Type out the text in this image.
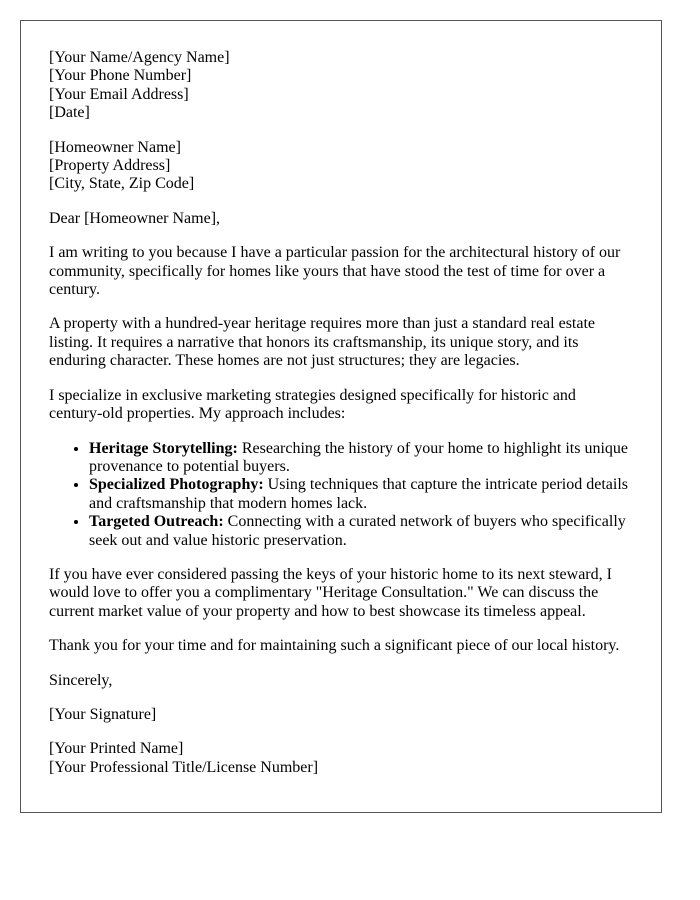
[Your Name/Agency Name]
[Your Phone Number]
[Your Email Address]
[Date]

[Homeowner Name]
[Property Address]
[City, State, Zip Code]

Dear [Homeowner Name],

I am writing to you because I have a particular passion for the architectural history of our community, specifically for homes like yours that have stood the test of time for over a century.

A property with a hundred-year heritage requires more than just a standard real estate listing. It requires a narrative that honors its craftsmanship, its unique story, and its enduring character. These homes are not just structures; they are legacies.

I specialize in exclusive marketing strategies designed specifically for historic and century-old properties. My approach includes:

• Heritage Storytelling: Researching the history of your home to highlight its unique provenance to potential buyers.
• Specialized Photography: Using techniques that capture the intricate period details and craftsmanship that modern homes lack.
• Targeted Outreach: Connecting with a curated network of buyers who specifically seek out and value historic preservation.

If you have ever considered passing the keys of your historic home to its next steward, I would love to offer you a complimentary "Heritage Consultation." We can discuss the current market value of your property and how to best showcase its timeless appeal.

Thank you for your time and for maintaining such a significant piece of our local history.

Sincerely,

[Your Signature]

[Your Printed Name]
[Your Professional Title/License Number]
